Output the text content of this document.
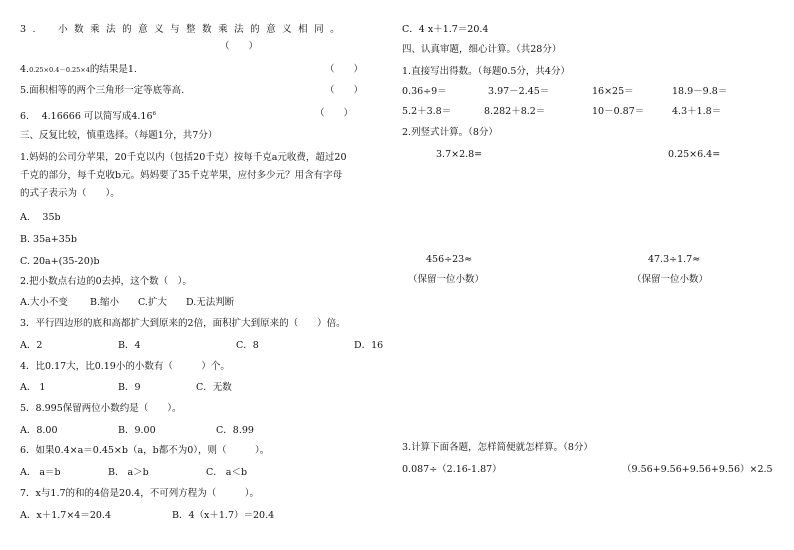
3.　小数乘法的意义与整数乘法的意义相同。
（　　）
4.0.25×0.4－0.25×4的结果是1.	（　　）
5.面积相等的两个三角形一定等底等高.	（　　）
6.　 4.16666 可以简写成4.16$^6$	（　　）
三、反复比较，慎重选择。（每题1分，共7分）
1.妈妈的公司分苹果，20千克以内（包括20千克）按每千克a元收费，超过20
千克的部分，每千克收b元。妈妈要了35千克苹果，应付多少元？用含有字母
的式子表示为（　　）。
A.　 35b
B. 35a+35b
C. 20a+(35-20)b
2.把小数点右边的0去掉，这个数（　）。
A.大小不变 B.缩小 C.扩大 D.无法判断
3．平行四边形的底和高都扩大到原来的2倍，面积扩大到原来的（　　）倍。
A．2	B．4	C．8	D．16
4．比0.17大，比0.19小的小数有（　　　）个。
A． 1	B．9	C．无数
5．8.995保留两位小数约是（　　）。
A．8.00	B．9.00	C．8.99
6．如果0.4×a＝0.45×b（a，b都不为0），则（　　　）。
A． a＝b	B． a＞b	C． a＜b
7．x与1.7的和的4倍是20.4，不可列方程为（　　　）。
A．x＋1.7×4＝20.4	B．4（x＋1.7）＝20.4
C．4 x＋1.7＝20.4
四、认真审题，细心计算。（共28分）
1.直接写出得数。（每题0.5分，共4分）
0.36÷9＝	3.97－2.45＝	16×25＝	18.9－9.8＝
5.2＋3.8＝	8.282＋8.2＝	10－0.87＝	4.3＋1.8＝
2.列竖式计算。（8分）
3.7×2.8=	0.25×6.4=
456÷23≈	47.3÷1.7≈
（保留一位小数）	（保留一位小数）
3.计算下面各题，怎样简便就怎样算。（8分）
0.087÷（2.16-1.87）	（9.56+9.56+9.56+9.56）×2.5
